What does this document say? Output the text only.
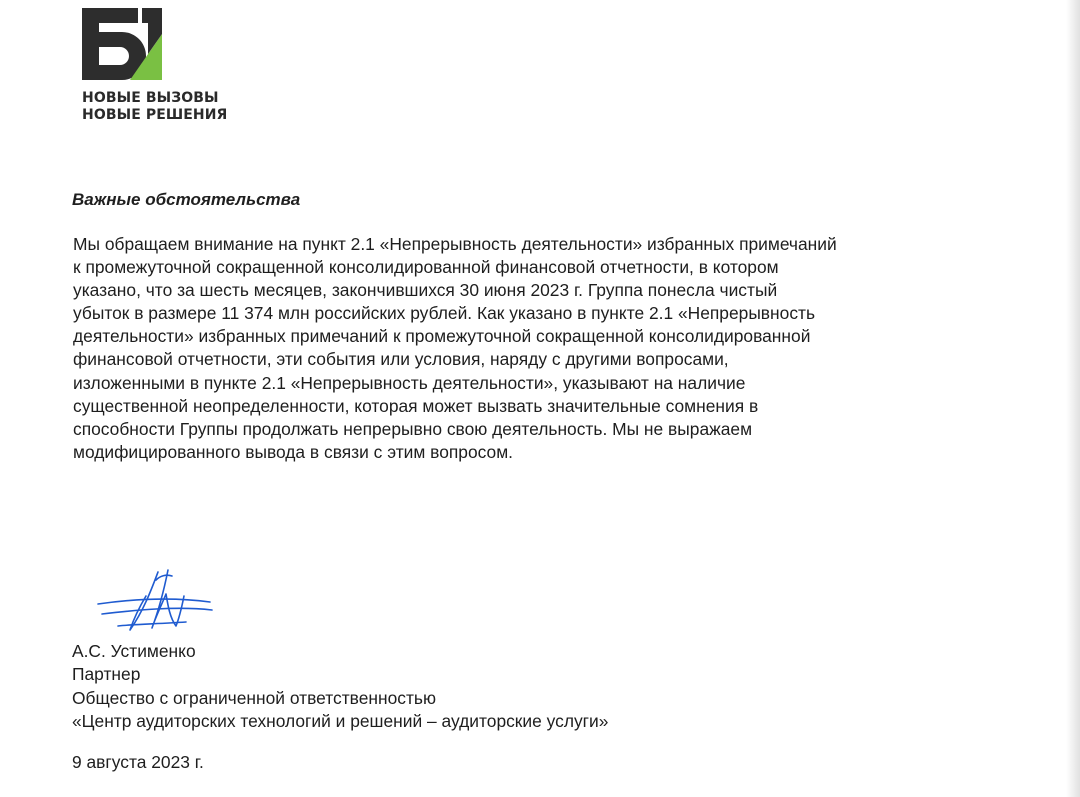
НОВЫЕ ВЫЗОВЫ
НОВЫЕ РЕШЕНИЯ
Важные обстоятельства
Мы обращаем внимание на пункт 2.1 «Непрерывность деятельности» избранных примечаний
к промежуточной сокращенной консолидированной финансовой отчетности, в котором
указано, что за шесть месяцев, закончившихся 30 июня 2023 г. Группа понесла чистый
убыток в размере 11 374 млн российских рублей. Как указано в пункте 2.1 «Непрерывность
деятельности» избранных примечаний к промежуточной сокращенной консолидированной
финансовой отчетности, эти события или условия, наряду с другими вопросами,
изложенными в пункте 2.1 «Непрерывность деятельности», указывают на наличие
существенной неопределенности, которая может вызвать значительные сомнения в
способности Группы продолжать непрерывно свою деятельность. Мы не выражаем
модифицированного вывода в связи с этим вопросом.
А.С. Устименко
Партнер
Общество с ограниченной ответственностью
«Центр аудиторских технологий и решений – аудиторские услуги»
9 августа 2023 г.
